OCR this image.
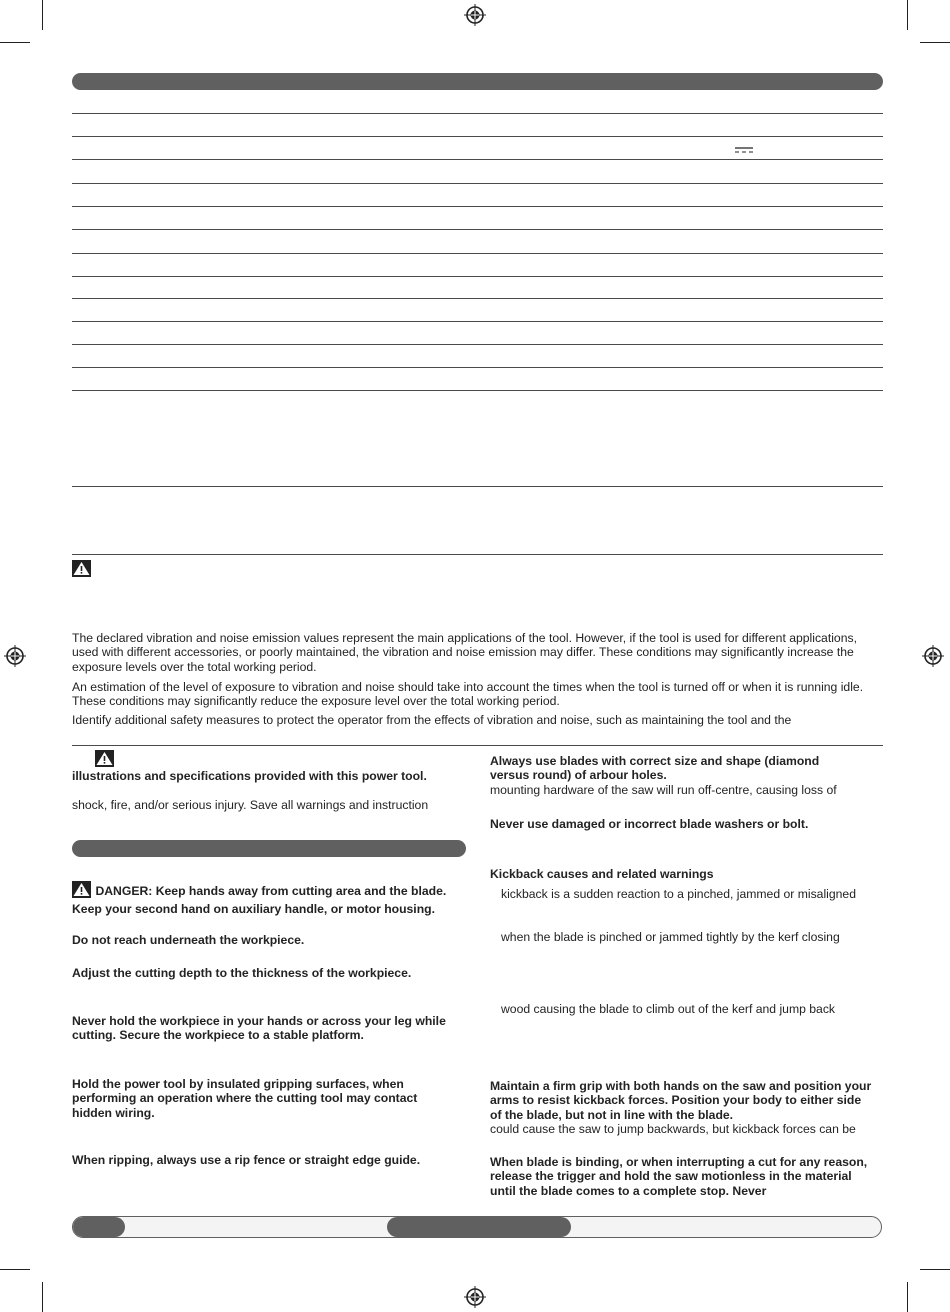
The declared vibration and noise emission values represent the main applications of the tool. However, if the tool is used for different applications, used with different accessories, or poorly maintained, the vibration and noise emission may differ. These conditions may significantly increase the exposure levels over the total working period.

An estimation of the level of exposure to vibration and noise should take into account the times when the tool is turned off or when it is running idle. These conditions may significantly reduce the exposure level over the total working period.

Identify additional safety measures to protect the operator from the effects of vibration and noise, such as maintaining the tool and the

illustrations and specifications provided with this power tool.

shock, fire, and/or serious injury. Save all warnings and instruction

DANGER: Keep hands away from cutting area and the blade. Keep your second hand on auxiliary handle, or motor housing.

Do not reach underneath the workpiece.

Adjust the cutting depth to the thickness of the workpiece.

Never hold the workpiece in your hands or across your leg while cutting. Secure the workpiece to a stable platform.

Hold the power tool by insulated gripping surfaces, when performing an operation where the cutting tool may contact hidden wiring.

When ripping, always use a rip fence or straight edge guide.

Always use blades with correct size and shape (diamond versus round) of arbour holes.

mounting hardware of the saw will run off-centre, causing loss of

Never use damaged or incorrect blade washers or bolt.

Kickback causes and related warnings

kickback is a sudden reaction to a pinched, jammed or misaligned

when the blade is pinched or jammed tightly by the kerf closing

wood causing the blade to climb out of the kerf and jump back

Maintain a firm grip with both hands on the saw and position your arms to resist kickback forces. Position your body to either side of the blade, but not in line with the blade.

could cause the saw to jump backwards, but kickback forces can be

When blade is binding, or when interrupting a cut for any reason, release the trigger and hold the saw motionless in the material until the blade comes to a complete stop. Never
